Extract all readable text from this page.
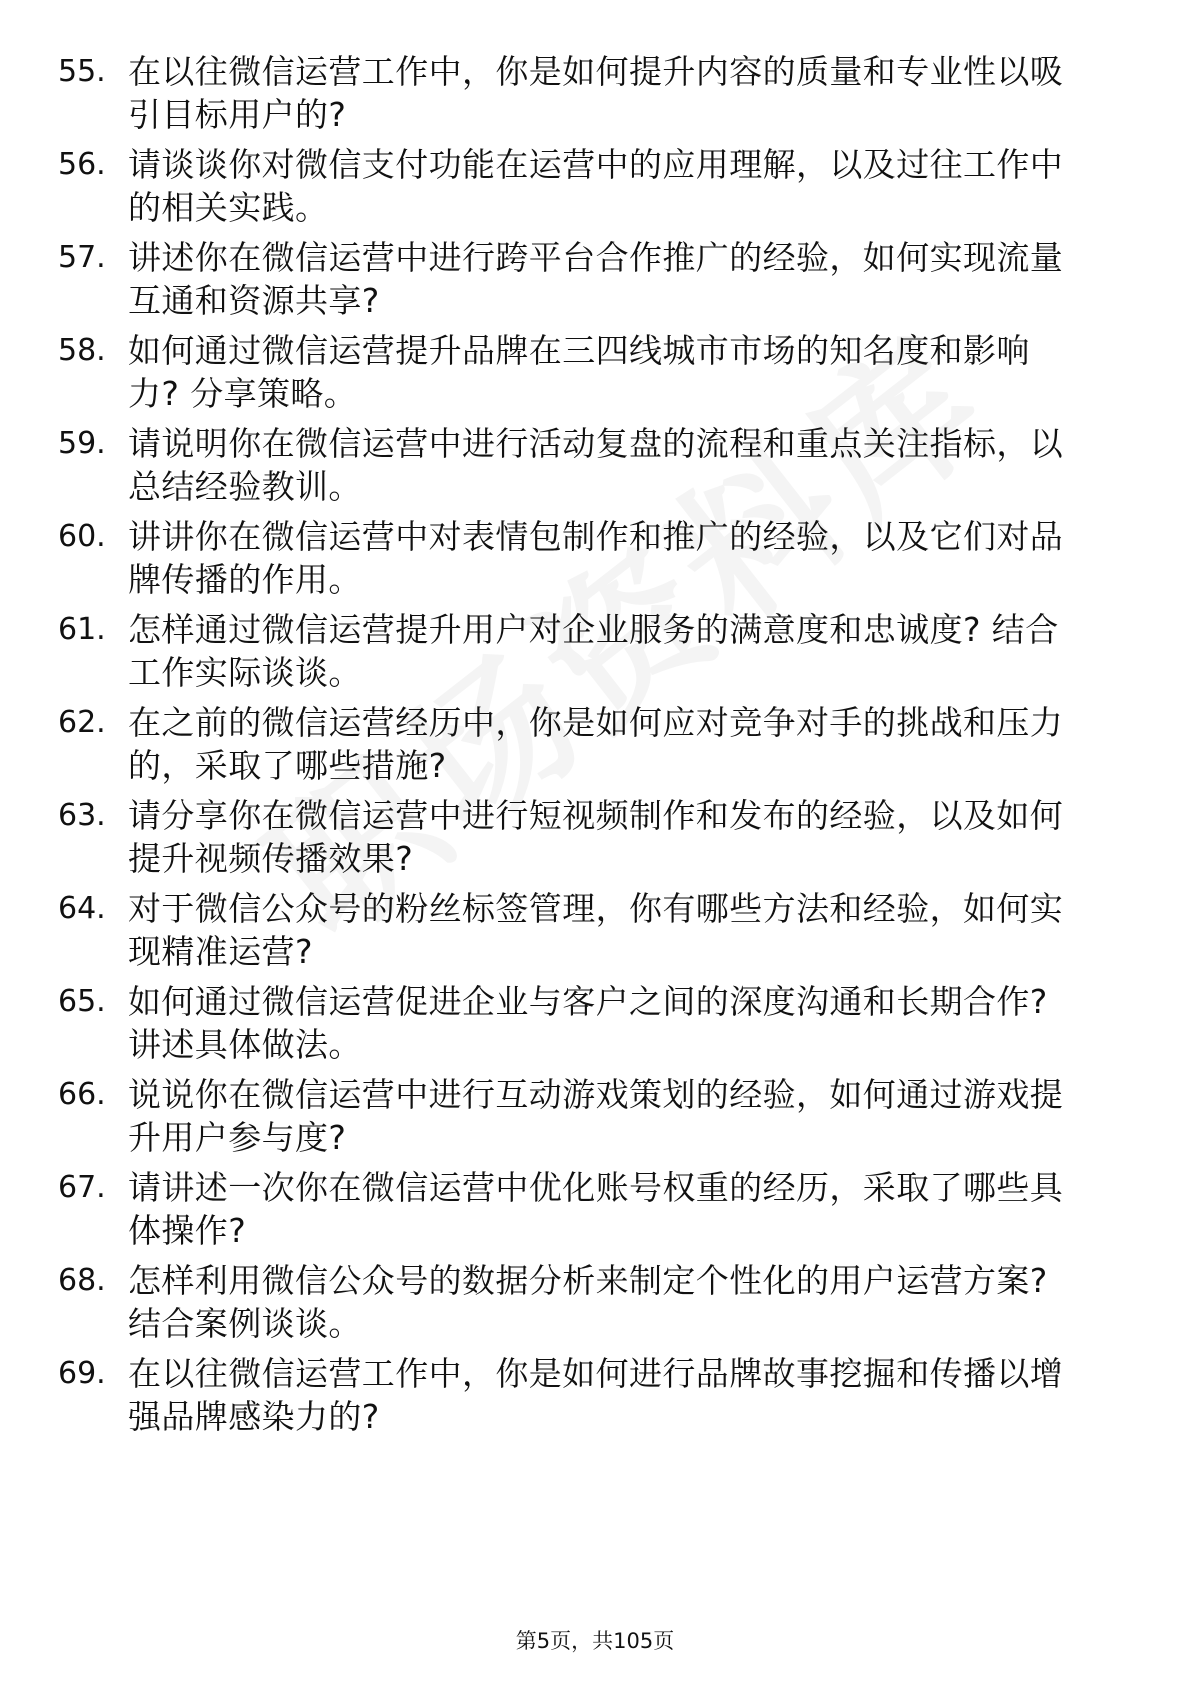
55. 在以往微信运营工作中，你是如何提升内容的质量和专业性以吸
引目标用户的?
56. 请谈谈你对微信支付功能在运营中的应用理解，以及过往工作中
的相关实践。
57. 讲述你在微信运营中进行跨平台合作推广的经验，如何实现流量
互通和资源共享?
58. 如何通过微信运营提升品牌在三四线城市市场的知名度和影响
力? 分享策略。
59. 请说明你在微信运营中进行活动复盘的流程和重点关注指标，以
总结经验教训。
60. 讲讲你在微信运营中对表情包制作和推广的经验，以及它们对品
牌传播的作用。
61. 怎样通过微信运营提升用户对企业服务的满意度和忠诚度? 结合
工作实际谈谈。
62. 在之前的微信运营经历中，你是如何应对竞争对手的挑战和压力
的，采取了哪些措施?
63. 请分享你在微信运营中进行短视频制作和发布的经验，以及如何
提升视频传播效果?
64. 对于微信公众号的粉丝标签管理，你有哪些方法和经验，如何实
现精准运营?
65. 如何通过微信运营促进企业与客户之间的深度沟通和长期合作?
讲述具体做法。
66. 说说你在微信运营中进行互动游戏策划的经验，如何通过游戏提
升用户参与度?
67. 请讲述一次你在微信运营中优化账号权重的经历，采取了哪些具
体操作?
68. 怎样利用微信公众号的数据分析来制定个性化的用户运营方案?
结合案例谈谈。
69. 在以往微信运营工作中，你是如何进行品牌故事挖掘和传播以增
强品牌感染力的?
第5页，共105页
